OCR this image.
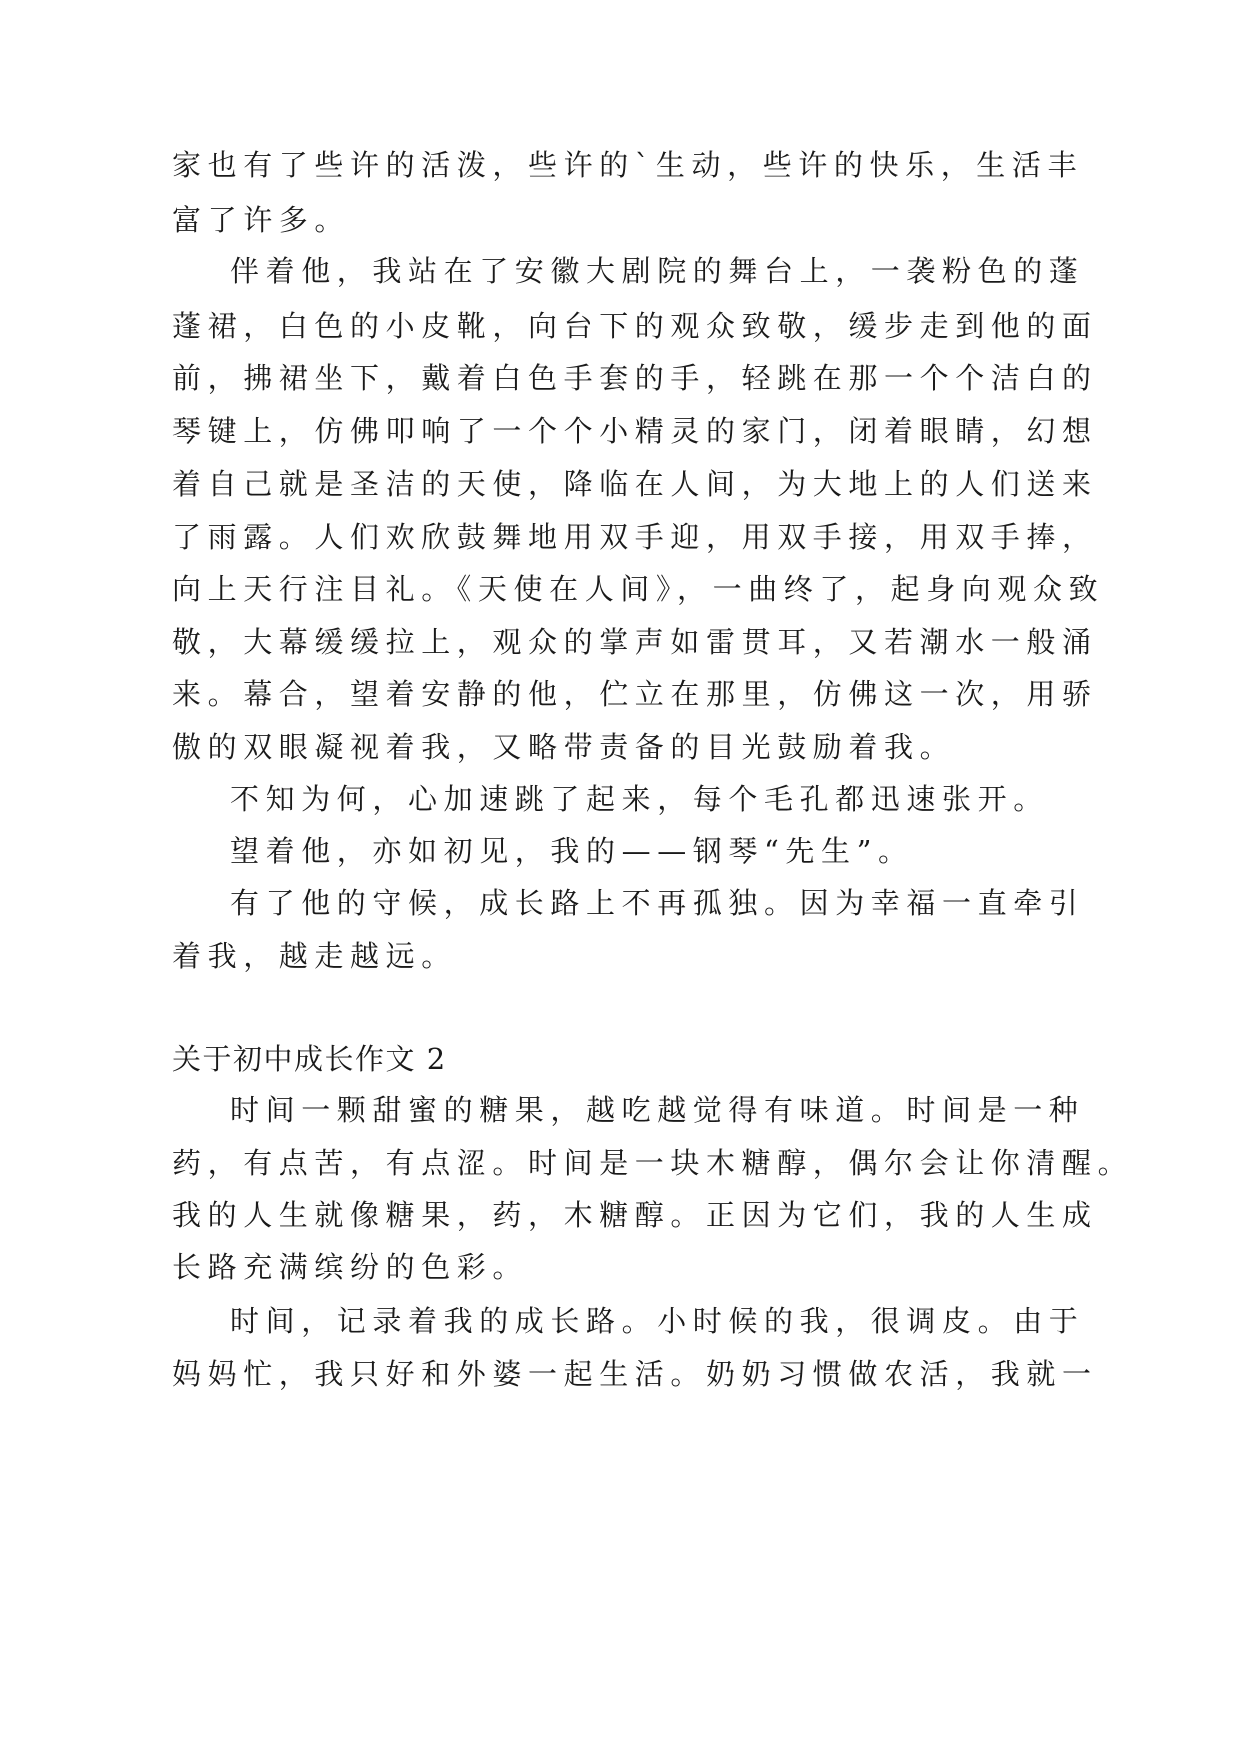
家也有了些许的活泼，些许的`生动，些许的快乐，生活丰
富了许多。
伴着他，我站在了安徽大剧院的舞台上，一袭粉色的蓬
蓬裙，白色的小皮靴，向台下的观众致敬，缓步走到他的面
前，拂裙坐下，戴着白色手套的手，轻跳在那一个个洁白的
琴键上，仿佛叩响了一个个小精灵的家门，闭着眼睛，幻想
着自己就是圣洁的天使，降临在人间，为大地上的人们送来
了雨露。人们欢欣鼓舞地用双手迎，用双手接，用双手捧，
向上天行注目礼。《天使在人间》，一曲终了，起身向观众致
敬，大幕缓缓拉上，观众的掌声如雷贯耳，又若潮水一般涌
来。幕合，望着安静的他，伫立在那里，仿佛这一次，用骄
傲的双眼凝视着我，又略带责备的目光鼓励着我。
不知为何，心加速跳了起来，每个毛孔都迅速张开。
望着他，亦如初见，我的——钢琴“先生”。
有了他的守候，成长路上不再孤独。因为幸福一直牵引
着我，越走越远。
关于初中成长作文 2
时间一颗甜蜜的糖果，越吃越觉得有味道。时间是一种
药，有点苦，有点涩。时间是一块木糖醇，偶尔会让你清醒。
我的人生就像糖果，药，木糖醇。正因为它们，我的人生成
长路充满缤纷的色彩。
时间，记录着我的成长路。小时候的我，很调皮。由于
妈妈忙，我只好和外婆一起生活。奶奶习惯做农活，我就一
